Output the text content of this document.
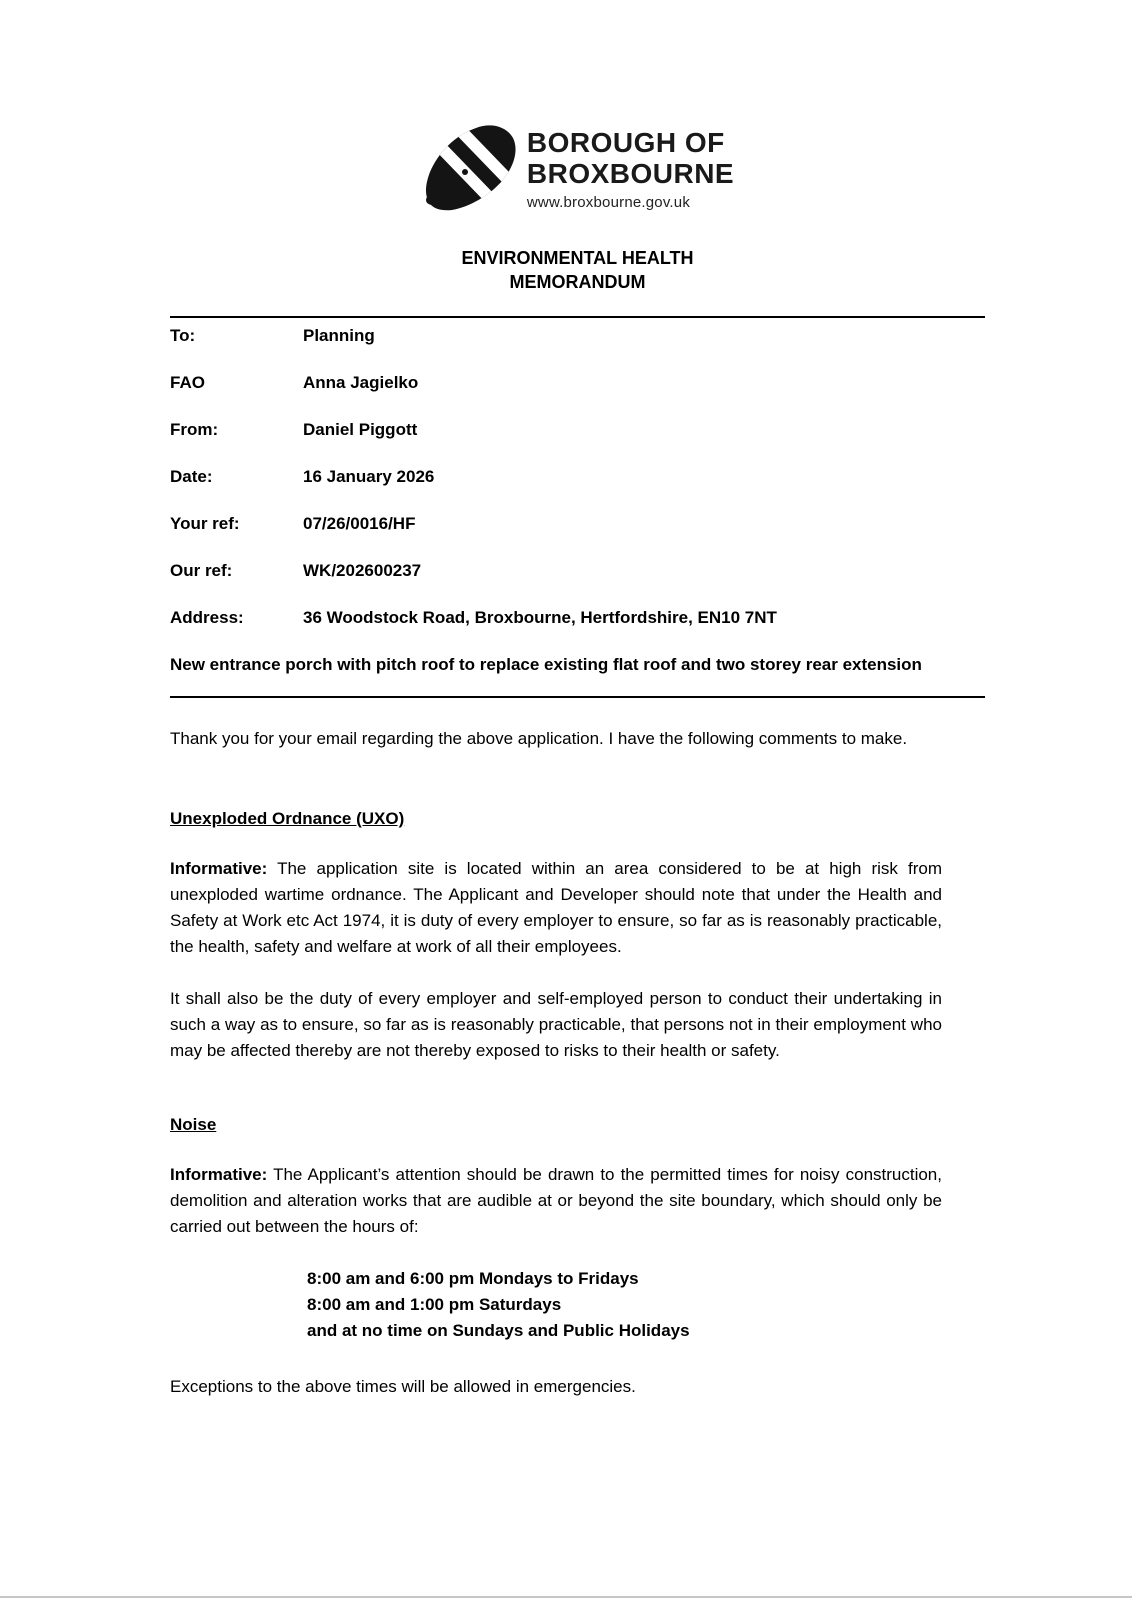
BOROUGH OF
BROXBOURNE
www.broxbourne.gov.uk
ENVIRONMENTAL HEALTH
MEMORANDUM
To:	Planning
FAO	Anna Jagielko
From:	Daniel Piggott
Date:	16 January 2026
Your ref:	07/26/0016/HF
Our ref:	WK/202600237
Address:	36 Woodstock Road, Broxbourne, Hertfordshire, EN10 7NT

New entrance porch with pitch roof to replace existing flat roof and two storey rear extension

Thank you for your email regarding the above application. I have the following comments to make.

Unexploded Ordnance (UXO)

Informative: The application site is located within an area considered to be at high risk from unexploded wartime ordnance. The Applicant and Developer should note that under the Health and Safety at Work etc Act 1974, it is duty of every employer to ensure, so far as is reasonably practicable, the health, safety and welfare at work of all their employees.

It shall also be the duty of every employer and self-employed person to conduct their undertaking in such a way as to ensure, so far as is reasonably practicable, that persons not in their employment who may be affected thereby are not thereby exposed to risks to their health or safety.

Noise

Informative: The Applicant’s attention should be drawn to the permitted times for noisy construction, demolition and alteration works that are audible at or beyond the site boundary, which should only be carried out between the hours of:

8:00 am and 6:00 pm Mondays to Fridays
8:00 am and 1:00 pm Saturdays
and at no time on Sundays and Public Holidays

Exceptions to the above times will be allowed in emergencies.
